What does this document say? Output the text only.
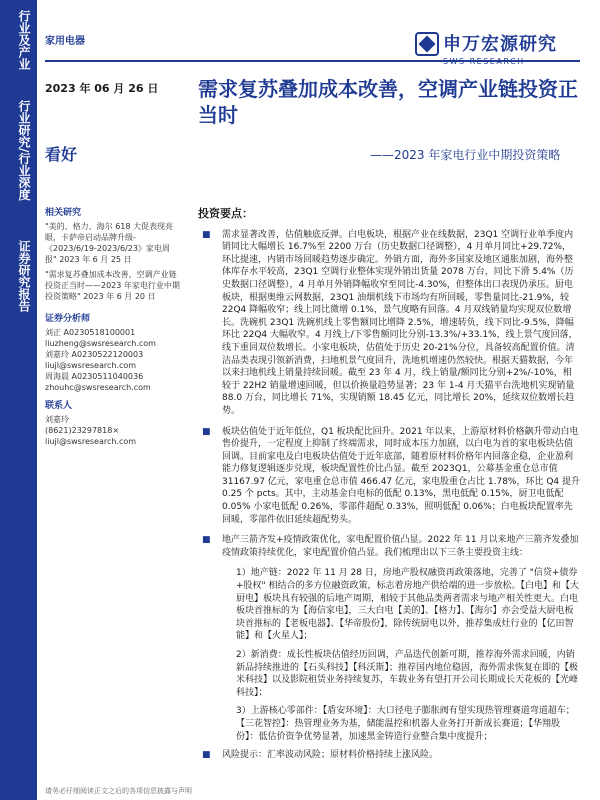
行业及产业
行业研究/行业深度
证券研究报告
家用电器	申万宏源研究
2023 年 06 月 26 日 需求复苏叠加成本改善，空调产业链投资正当时
——2023 年家电行业中期投资策略
看好
相关研究

"美的、格力、海尔 618 大促表现亮眼，卡萨帝启动品牌升级-《2023/6/19-2023/6/23》家电周报" 2023 年 6 月 25 日

"需求复苏叠加成本改善，空调产业链投资正当时——2023 年家电行业中期投资策略" 2023 年 6 月 20 日

证券分析师
刘正 A0230518100001
liuzheng@swsresearch.com
刘嘉玲 A0230522120003
liujl@swsresearch.com
周海晨 A0230511040036
zhouhc@swsresearch.com
联系人
刘嘉玲
(8621)23297818×
liujl@swsresearch.com
投资要点：
■ 需求显著改善，估值触底反弹。白电板块，根据产业在线数据，23Q1 空调行业单季度内销同比大幅增长 16.7%至 2200 万台（历史数据口径调整），4 月单月同比+29.72%，环比提速，内销市场回暖趋势逐步确定。外销方面，海外多国家及地区通胀加剧，海外整体库存水平较高，23Q1 空调行业整体实现外销出货量 2078 万台，同比下滑 5.4%（历史数据口径调整），4 月单月外销降幅收窄至同比-4.30%，但整体出口表现仍承压。厨电板块，根据奥维云网数据，23Q1 油烟机线下市场均有所回暖，零售量同比-21.9%，较 22Q4 降幅收窄；线上同比微增 0.1%，景气度略有回落。4 月双线销量均实现双位数增长。洗碗机 23Q1 洗碗机线上零售额同比增降 2.5%，增速转负，线下同比-9.5%，降幅环比 22Q4 大幅收窄。4 月线上/下零售额同比分别-13.3%/+33.1%，线上景气度回落，线下重回双位数增长。小家电板块，估值处于历史 20-21%分位，具备较高配置价值。清洁品类表现引领新消费，扫地机景气度回升，洗地机增速仍然较快。根据天猫数据，今年以来扫地机线上销量持续回暖。截至 23 年 4 月，线上销量/额同比分别+2%/-10%，相较于 22H2 销量增速回暖，但以价换量趋势显著；23 年 1-4 月天猫平台洗地机实现销量 88.0 万台，同比增长 71%，实现销额 18.45 亿元，同比增长 20%，延续双位数增长趋势。
■ 板块估值处于近年低位，Q1 板块配比回升。2021 年以来，上游原材料价格飙升带动白电售价提升，一定程度上抑制了终端需求，同时成本压力加剧，以白电为首的家电板块估值回调。目前家电及白电板块估值处于近年底部，随着原材料价格年内回落企稳，企业盈利能力修复逻辑逐步兑现，板块配置性价比凸显。截至 2023Q1，公募基金重仓总市值 31167.97 亿元，家电重仓总市值 466.47 亿元，家电股重仓占比 1.78%，环比 Q4 提升 0.25 个 pcts。其中，主动基金白电标的低配 0.13%，黑电低配 0.15%，厨卫电低配 0.05% 小家电低配 0.26%，零部件超配 0.33%，照明低配 0.06%；白电板块配置率先回暖，零部件依旧延续超配势头。
■ 地产三箭齐发+疫情政策优化，家电配置价值凸显。2022 年 11 月以来地产三箭齐发叠加疫情政策持续优化，家电配置价值凸显。我们梳理出以下三条主要投资主线：
1）地产链：2022 年 11 月 28 日，房地产股权融资再政策落地，完善了 "信贷+债券+股权" 相结合的多方位融资政策，标志着房地产供给端的进一步放松。【白电】和【大厨电】板块具有较强的后地产周期，相较于其他品类两者需求与地产相关性更大。白电板块首推标的为【海信家电】，三大白电【美的】、【格力】、【海尔】亦会受益大厨电板块首推标的【老板电器】、【华帝股份】，除传统厨电以外，推荐集成灶行业的【亿田智能】和【火星人】；
2）新消费：成长性板块估值经历回调，产品迭代创新可期，推荐海外需求回暖，内销新品持续推进的【石头科技】【科沃斯】；推荐国内地位稳固，海外需求恢复在即的【极米科技】以及影院租赁业务持续复苏，车载业务有望打开公司长期成长天花板的【光峰科技】；
3）上游核心零部件：【盾安环境】：大口径电子膨胀阀有望实现热管理赛道弯道超车；【三花智控】：热管理业务为基，储能温控和机器人业务打开新成长赛道；【华翔股份】：低估价资争优势显著，加速黑金铸造行业整合集中度提升；
■ 风险提示：汇率波动风险；原材料价格持续上涨风险。
请务必仔细阅读正文之后的各项信息披露与声明
